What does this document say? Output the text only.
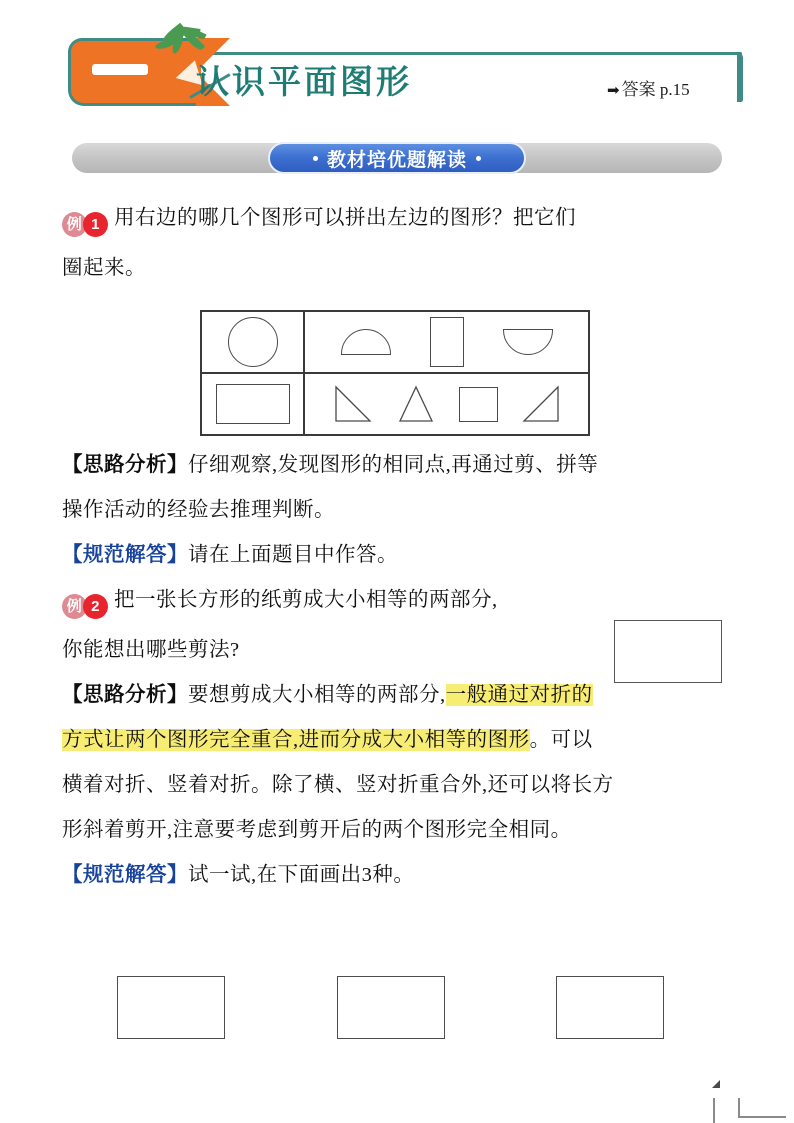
认识平面图形	➡ 答案 p.15
教材培优题解读
例 1 用右边的哪几个图形可以拼出左边的图形？把它们
圈起来。
【思路分析】仔细观察,发现图形的相同点,再通过剪、拼等
操作活动的经验去推理判断。
【规范解答】请在上面题目中作答。
例 2 把一张长方形的纸剪成大小相等的两部分,
你能想出哪些剪法?
【思路分析】要想剪成大小相等的两部分,一般通过对折的
方式让两个图形完全重合,进而分成大小相等的图形。可以
横着对折、竖着对折。除了横、竖对折重合外,还可以将长方
形斜着剪开,注意要考虑到剪开后的两个图形完全相同。
【规范解答】试一试,在下面画出3种。
